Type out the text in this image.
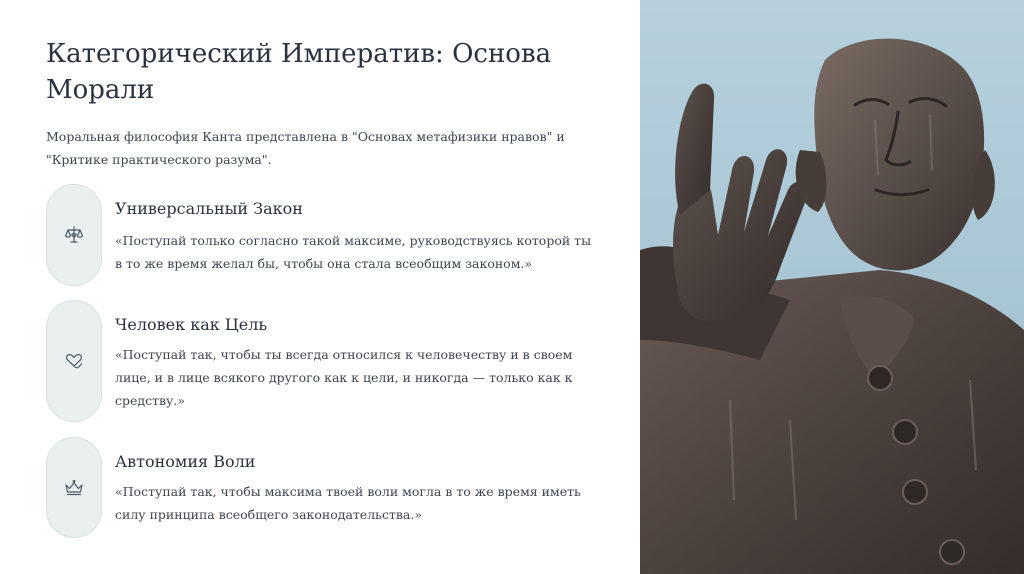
Категорический Императив: Основа Морали

Моральная философия Канта представлена в "Основах метафизики нравов" и "Критике практического разума".

Универсальный Закон

«Поступай только согласно такой максиме, руководствуясь которой ты в то же время желал бы, чтобы она стала всеобщим законом.»

Человек как Цель

«Поступай так, чтобы ты всегда относился к человечеству и в своем лице, и в лице всякого другого как к цели, и никогда — только как к средству.»

Автономия Воли

«Поступай так, чтобы максима твоей воли могла в то же время иметь силу принципа всеобщего законодательства.»
